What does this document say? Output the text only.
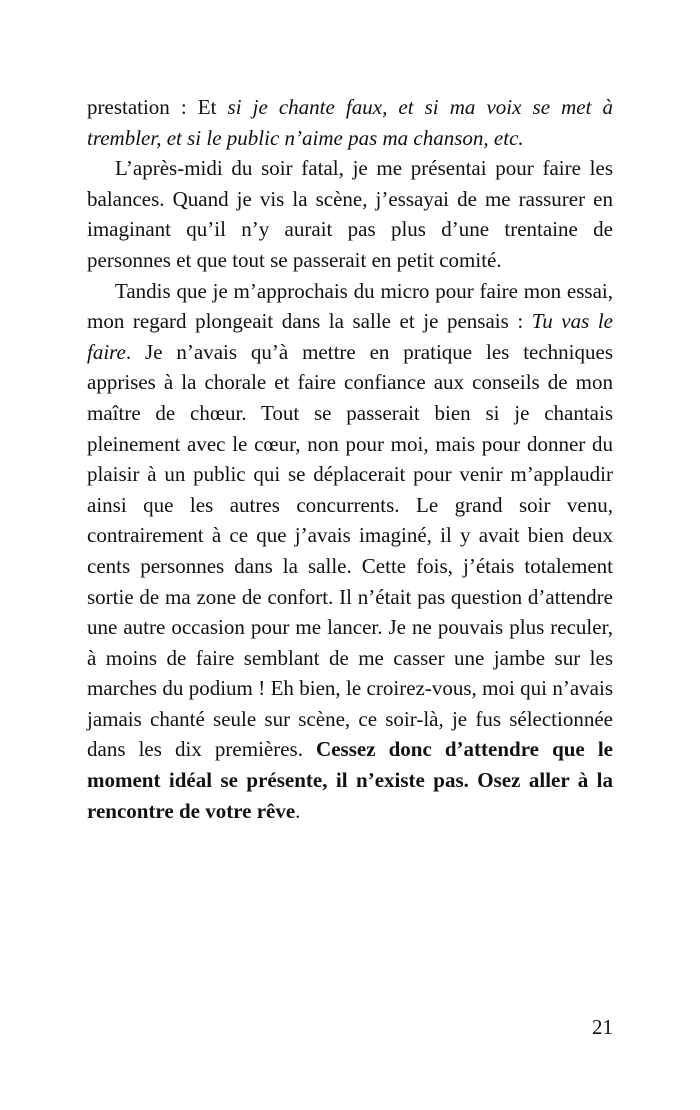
prestation : Et si je chante faux, et si ma voix se met à trembler, et si le public n’aime pas ma chanson, etc.

L’après-midi du soir fatal, je me présentai pour faire les balances. Quand je vis la scène, j’essayai de me rassurer en imaginant qu’il n’y aurait pas plus d’une trentaine de personnes et que tout se passerait en petit comité.

Tandis que je m’approchais du micro pour faire mon essai, mon regard plongeait dans la salle et je pensais : Tu vas le faire. Je n’avais qu’à mettre en pratique les techniques apprises à la chorale et faire confiance aux conseils de mon maître de chœur. Tout se passerait bien si je chantais pleinement avec le cœur, non pour moi, mais pour donner du plaisir à un public qui se déplacerait pour venir m’applaudir ainsi que les autres concurrents. Le grand soir venu, contrairement à ce que j’avais imaginé, il y avait bien deux cents personnes dans la salle. Cette fois, j’étais totalement sortie de ma zone de confort. Il n’était pas question d’attendre une autre occasion pour me lancer. Je ne pouvais plus reculer, à moins de faire semblant de me casser une jambe sur les marches du podium ! Eh bien, le croirez-vous, moi qui n’avais jamais chanté seule sur scène, ce soir-là, je fus sélectionnée dans les dix premières. Cessez donc d’attendre que le moment idéal se présente, il n’existe pas. Osez aller à la rencontre de votre rêve.

21
